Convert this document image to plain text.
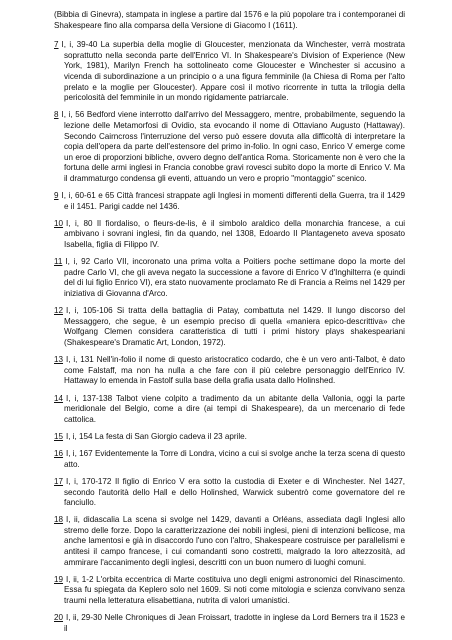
(Bibbia di Ginevra), stampata in inglese a partire dal 1576 e la più popolare tra i contemporanei di Shakespeare fino alla comparsa della Versione di Giacomo I (1611).

7 I, i, 39-40 La superbia della moglie di Gloucester, menzionata da Winchester, verrà mostrata soprattutto nella seconda parte dell'Enrico VI. In Shakespeare's Division of Experience (New York, 1981), Marilyn French ha sottolineato come Gloucester e Winchester si accusino a vicenda di subordinazione a un principio o a una figura femminile (la Chiesa di Roma per l'alto prelato e la moglie per Gloucester). Appare così il motivo ricorrente in tutta la trilogia della pericolosità del femminile in un mondo rigidamente patriarcale.

8 I, i, 56 Bedford viene interrotto dall'arrivo del Messaggero, mentre, probabilmente, seguendo la lezione delle Metamorfosi di Ovidio, sta evocando il nome di Ottaviano Augusto (Hattaway). Secondo Cairncross l'interruzione del verso può essere dovuta alla difficoltà di interpretare la copia dell'opera da parte dell'estensore del primo in-folio. In ogni caso, Enrico V emerge come un eroe di proporzioni bibliche, ovvero degno dell'antica Roma. Storicamente non è vero che la fortuna delle armi inglesi in Francia conobbe gravi rovesci subito dopo la morte di Enrico V. Ma il drammaturgo condensa gli eventi, attuando un vero e proprio "montaggio" scenico.

9 I, i, 60-61 e 65 Città francesi strappate agli Inglesi in momenti differenti della Guerra, tra il 1429 e il 1451. Parigi cadde nel 1436.

10 I, i, 80 Il fiordaliso, o fleurs-de-lis, è il simbolo araldico della monarchia francese, a cui ambivano i sovrani inglesi, fin da quando, nel 1308, Edoardo II Plantageneto aveva sposato Isabella, figlia di Filippo IV.

11 I, i, 92 Carlo VII, incoronato una prima volta a Poitiers poche settimane dopo la morte del padre Carlo VI, che gli aveva negato la successione a favore di Enrico V d'Inghilterra (e quindi del di lui figlio Enrico VI), era stato nuovamente proclamato Re di Francia a Reims nel 1429 per iniziativa di Giovanna d'Arco.

12 I, i, 105-106 Si tratta della battaglia di Patay, combattuta nel 1429. Il lungo discorso del Messaggero, che segue, è un esempio preciso di quella «maniera epico-descrittiva» che Wolfgang Clemen considera caratteristica di tutti i primi history plays shakespeariani (Shakespeare's Dramatic Art, London, 1972).

13 I, i, 131 Nell'in-folio il nome di questo aristocratico codardo, che è un vero anti-Talbot, è dato come Falstaff, ma non ha nulla a che fare con il più celebre personaggio dell'Enrico IV. Hattaway lo emenda in Fastolf sulla base della grafia usata dallo Holinshed.

14 I, i, 137-138 Talbot viene colpito a tradimento da un abitante della Vallonia, oggi la parte meridionale del Belgio, come a dire (ai tempi di Shakespeare), da un mercenario di fede cattolica.

15 I, i, 154 La festa di San Giorgio cadeva il 23 aprile.

16 I, i, 167 Evidentemente la Torre di Londra, vicino a cui si svolge anche la terza scena di questo atto.

17 I, i, 170-172 Il figlio di Enrico V era sotto la custodia di Exeter e di Winchester. Nel 1427, secondo l'autorità dello Hall e dello Holinshed, Warwick subentrò come governatore del re fanciullo.

18 I, ii, didascalia La scena si svolge nel 1429, davanti a Orléans, assediata dagli Inglesi allo stremo delle forze. Dopo la caratterizzazione dei nobili inglesi, pieni di intenzioni bellicose, ma anche lamentosi e già in disaccordo l'uno con l'altro, Shakespeare costruisce per parallelismi e antitesi il campo francese, i cui comandanti sono costretti, malgrado la loro altezzosità, ad ammirare l'accanimento degli inglesi, descritti con un buon numero di luoghi comuni.

19 I, ii, 1-2 L'orbita eccentrica di Marte costituiva uno degli enigmi astronomici del Rinascimento. Essa fu spiegata da Keplero solo nel 1609. Si noti come mitologia e scienza convivano senza traumi nella letteratura elisabettiana, nutrita di valori umanistici.

20 I, ii, 29-30 Nelle Chroniques di Jean Froissart, tradotte in inglese da Lord Berners tra il 1523 e il
